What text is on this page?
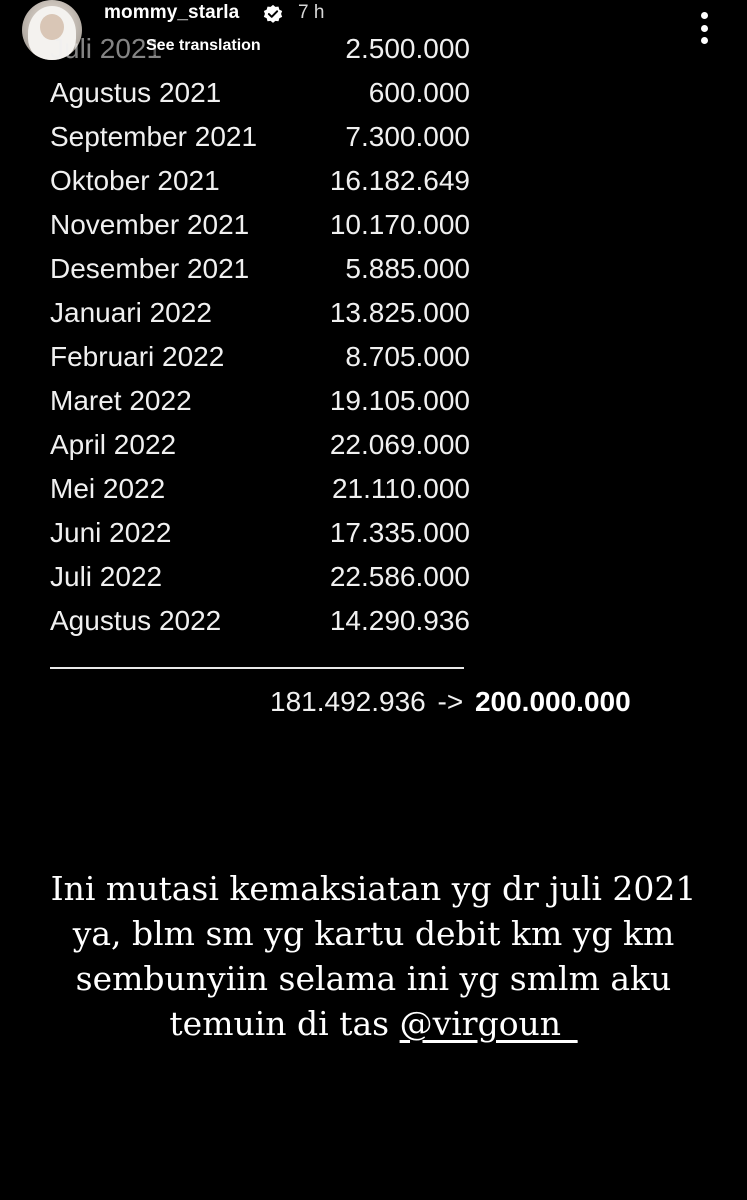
mommy_starla	7 h
See translation
Juli 2021	2.500.000
Agustus 2021	600.000
September 2021	7.300.000
Oktober 2021	16.182.649
November 2021	10.170.000
Desember 2021	5.885.000
Januari 2022	13.825.000
Februari 2022	8.705.000
Maret 2022	19.105.000
April 2022	22.069.000
Mei 2022	21.110.000
Juni 2022	17.335.000
Juli 2022	22.586.000
Agustus 2022	14.290.936
181.492.936 -> 200.000.000
Ini mutasi kemaksiatan yg dr juli 2021 ya, blm sm yg kartu debit km yg km sembunyiin selama ini yg smlm aku temuin di tas @virgoun_
